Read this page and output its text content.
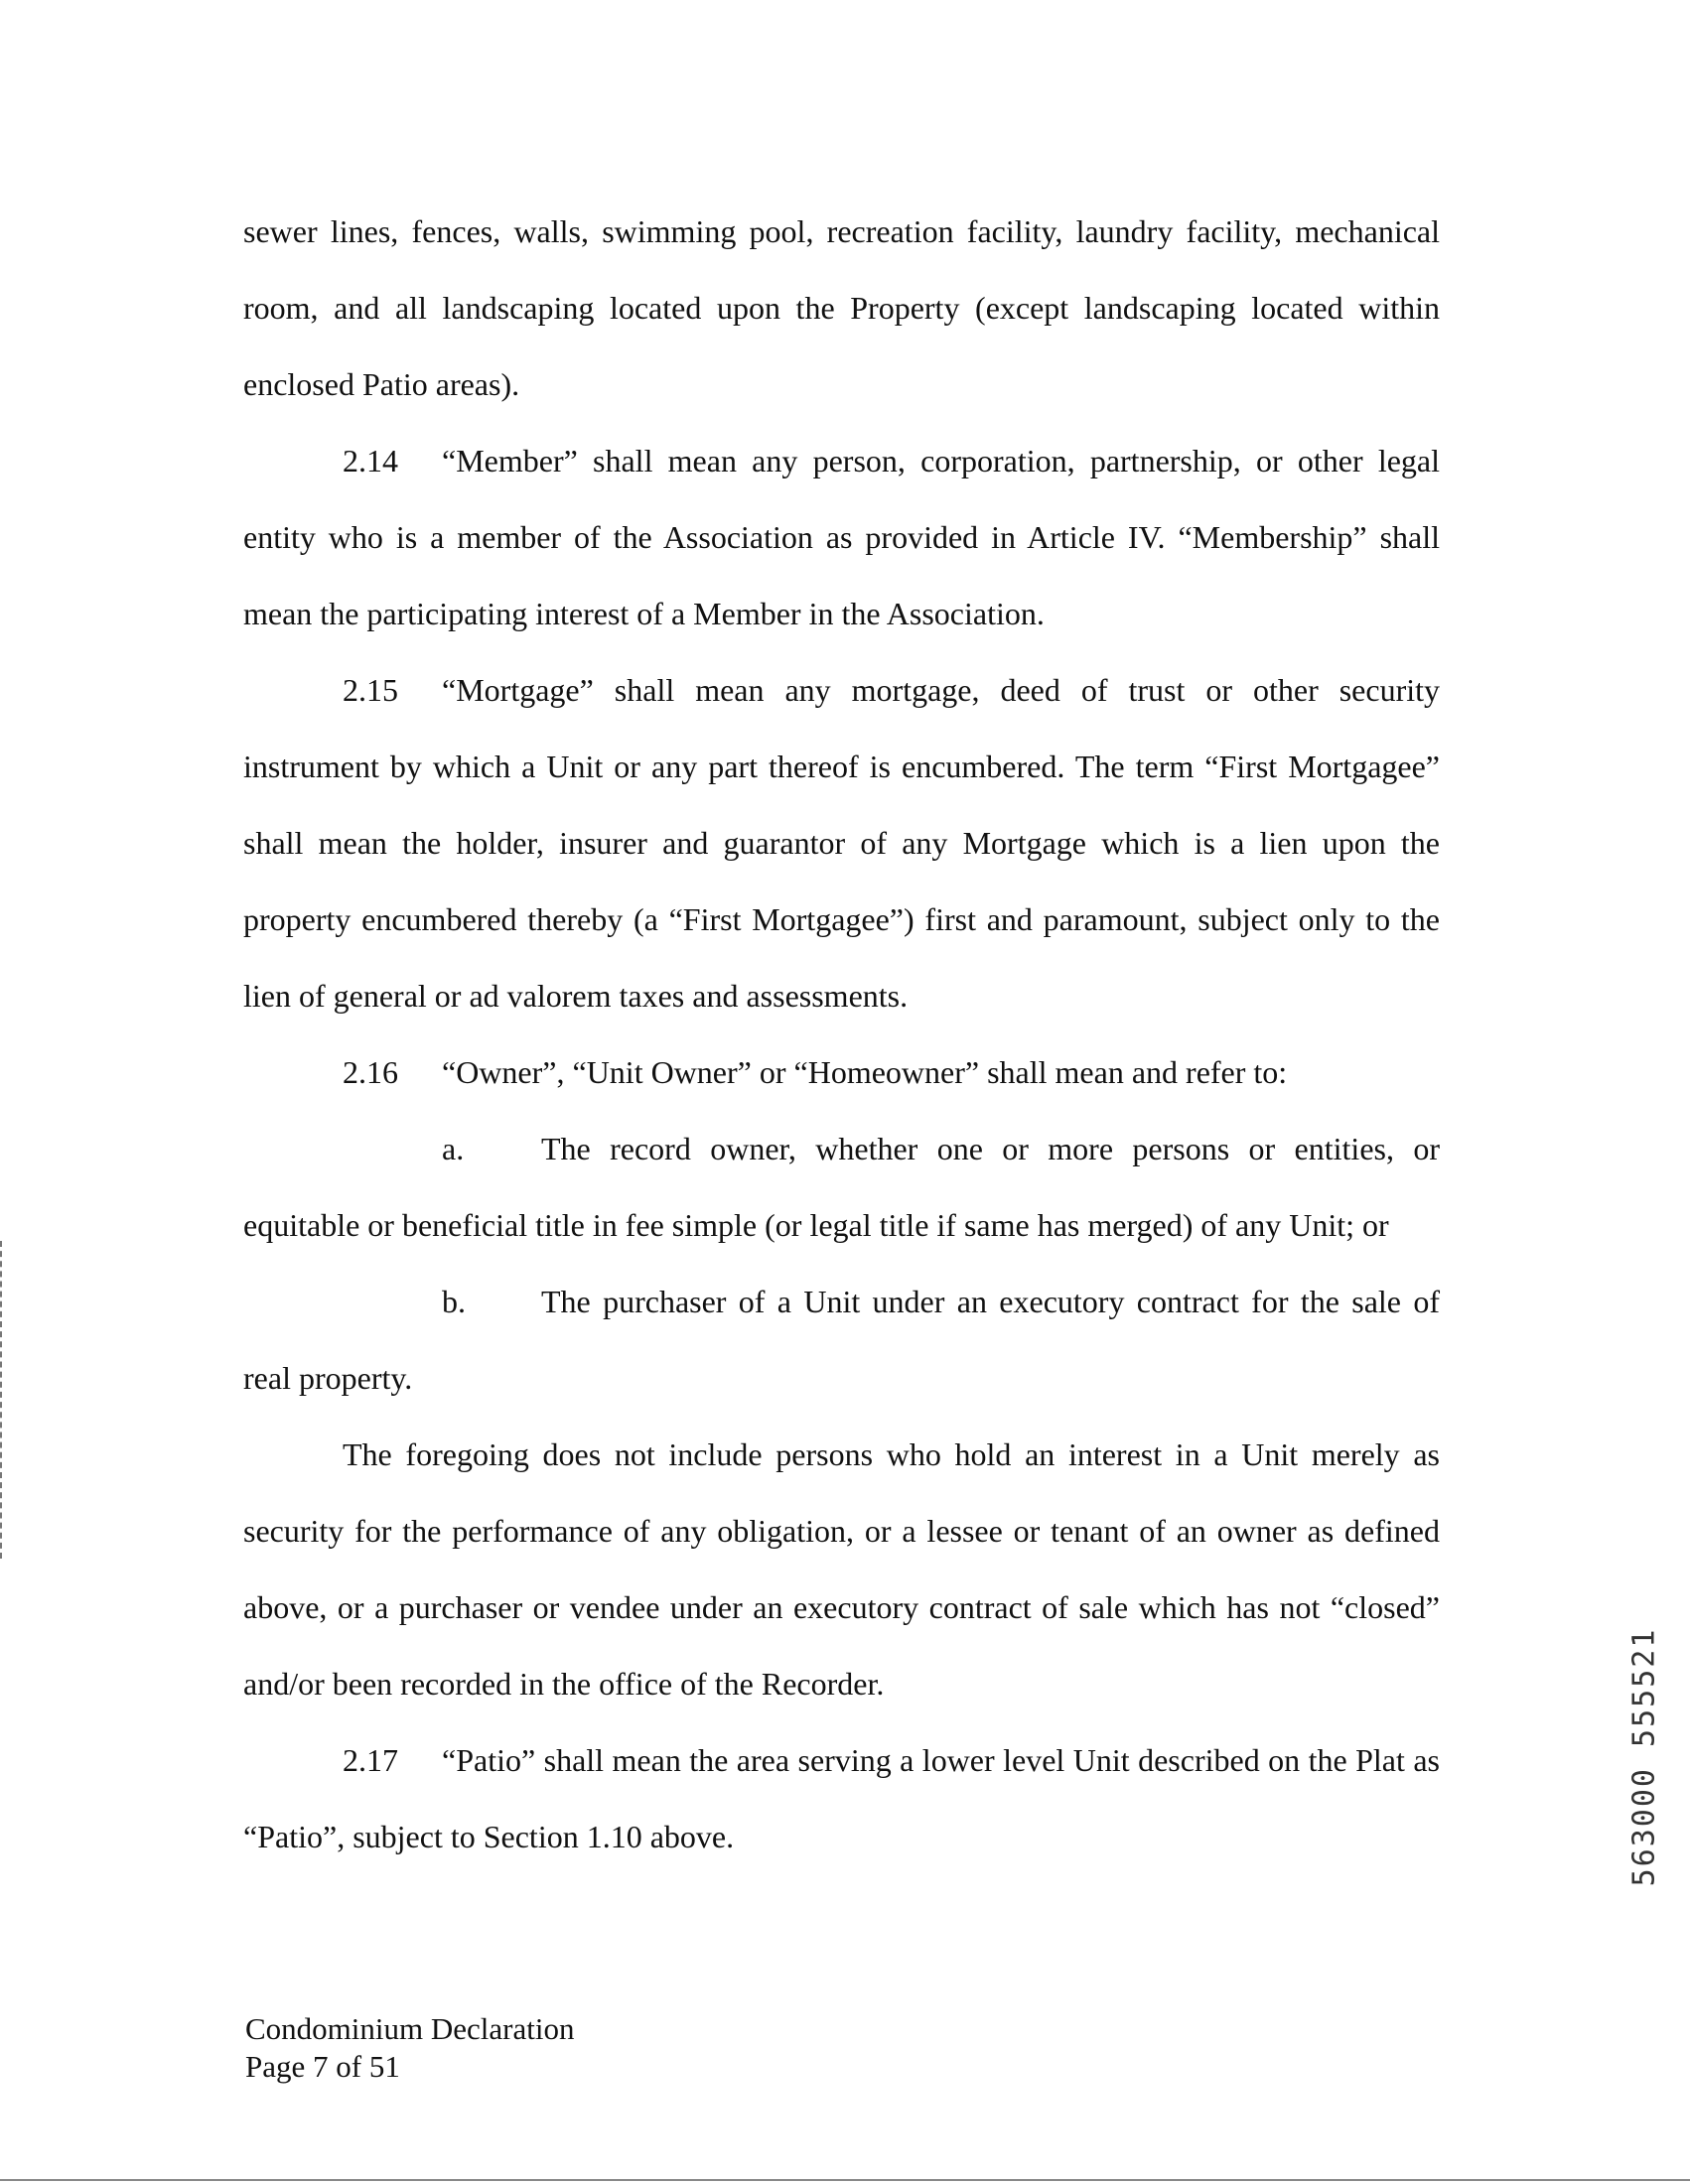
sewer lines, fences, walls, swimming pool, recreation facility, laundry facility, mechanical room, and all landscaping located upon the Property (except landscaping located within enclosed Patio areas).

2.14 “Member” shall mean any person, corporation, partnership, or other legal entity who is a member of the Association as provided in Article IV. “Membership” shall mean the participating interest of a Member in the Association.

2.15 “Mortgage” shall mean any mortgage, deed of trust or other security instrument by which a Unit or any part thereof is encumbered. The term “First Mortgagee” shall mean the holder, insurer and guarantor of any Mortgage which is a lien upon the property encumbered thereby (a “First Mortgagee”) first and paramount, subject only to the lien of general or ad valorem taxes and assessments.

2.16 “Owner”, “Unit Owner” or “Homeowner” shall mean and refer to:

a. The record owner, whether one or more persons or entities, or equitable or beneficial title in fee simple (or legal title if same has merged) of any Unit; or

b. The purchaser of a Unit under an executory contract for the sale of real property.

The foregoing does not include persons who hold an interest in a Unit merely as security for the performance of any obligation, or a lessee or tenant of an owner as defined above, or a purchaser or vendee under an executory contract of sale which has not “closed” and/or been recorded in the office of the Recorder.

2.17 “Patio” shall mean the area serving a lower level Unit described on the Plat as “Patio”, subject to Section 1.10 above.

Condominium Declaration
Page 7 of 51
563000 555521
